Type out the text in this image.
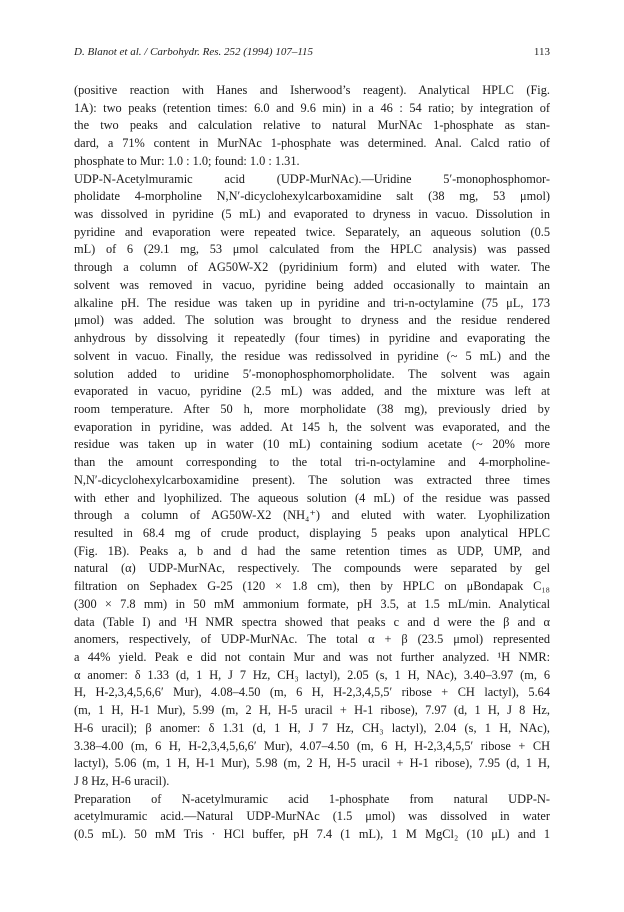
D. Blanot et al. / Carbohydr. Res. 252 (1994) 107–115	113
(positive reaction with Hanes and Isherwood’s reagent). Analytical HPLC (Fig.
1A): two peaks (retention times: 6.0 and 9.6 min) in a 46 : 54 ratio; by integration of
the two peaks and calculation relative to natural MurNAc 1-phosphate as stan-
dard, a 71% content in MurNAc 1-phosphate was determined. Anal. Calcd ratio of
phosphate to Mur: 1.0 : 1.0; found: 1.0 : 1.31.
UDP-N-Acetylmuramic acid (UDP-MurNAc).—Uridine 5′-monophosphomor-
pholidate 4-morpholine N,N′-dicyclohexylcarboxamidine salt (38 mg, 53 μmol)
was dissolved in pyridine (5 mL) and evaporated to dryness in vacuo. Dissolution in
pyridine and evaporation were repeated twice. Separately, an aqueous solution (0.5
mL) of 6 (29.1 mg, 53 μmol calculated from the HPLC analysis) was passed
through a column of AG50W-X2 (pyridinium form) and eluted with water. The
solvent was removed in vacuo, pyridine being added occasionally to maintain an
alkaline pH. The residue was taken up in pyridine and tri-n-octylamine (75 μL, 173
μmol) was added. The solution was brought to dryness and the residue rendered
anhydrous by dissolving it repeatedly (four times) in pyridine and evaporating the
solvent in vacuo. Finally, the residue was redissolved in pyridine (~ 5 mL) and the
solution added to uridine 5′-monophosphomorpholidate. The solvent was again
evaporated in vacuo, pyridine (2.5 mL) was added, and the mixture was left at
room temperature. After 50 h, more morpholidate (38 mg), previously dried by
evaporation in pyridine, was added. At 145 h, the solvent was evaporated, and the
residue was taken up in water (10 mL) containing sodium acetate (~ 20% more
than the amount corresponding to the total tri-n-octylamine and 4-morpholine-
N,N′-dicyclohexylcarboxamidine present). The solution was extracted three times
with ether and lyophilized. The aqueous solution (4 mL) of the residue was passed
through a column of AG50W-X2 (NH₄⁺) and eluted with water. Lyophilization
resulted in 68.4 mg of crude product, displaying 5 peaks upon analytical HPLC
(Fig. 1B). Peaks a, b and d had the same retention times as UDP, UMP, and
natural (α) UDP-MurNAc, respectively. The compounds were separated by gel
filtration on Sephadex G-25 (120 × 1.8 cm), then by HPLC on μBondapak C₁₈
(300 × 7.8 mm) in 50 mM ammonium formate, pH 3.5, at 1.5 mL/min. Analytical
data (Table I) and ¹H NMR spectra showed that peaks c and d were the β and α
anomers, respectively, of UDP-MurNAc. The total α + β (23.5 μmol) represented
a 44% yield. Peak e did not contain Mur and was not further analyzed. ¹H NMR:
α anomer: δ 1.33 (d, 1 H, J 7 Hz, CH₃ lactyl), 2.05 (s, 1 H, NAc), 3.40–3.97 (m, 6
H, H-2,3,4,5,6,6′ Mur), 4.08–4.50 (m, 6 H, H-2,3,4,5,5′ ribose + CH lactyl), 5.64
(m, 1 H, H-1 Mur), 5.99 (m, 2 H, H-5 uracil + H-1 ribose), 7.97 (d, 1 H, J 8 Hz,
H-6 uracil); β anomer: δ 1.31 (d, 1 H, J 7 Hz, CH₃ lactyl), 2.04 (s, 1 H, NAc),
3.38–4.00 (m, 6 H, H-2,3,4,5,6,6′ Mur), 4.07–4.50 (m, 6 H, H-2,3,4,5,5′ ribose + CH
lactyl), 5.06 (m, 1 H, H-1 Mur), 5.98 (m, 2 H, H-5 uracil + H-1 ribose), 7.95 (d, 1 H,
J 8 Hz, H-6 uracil).
Preparation of N-acetylmuramic acid 1-phosphate from natural UDP-N-
acetylmuramic acid.—Natural UDP-MurNAc (1.5 μmol) was dissolved in water
(0.5 mL). 50 mM Tris · HCl buffer, pH 7.4 (1 mL), 1 M MgCl₂ (10 μL) and 1
